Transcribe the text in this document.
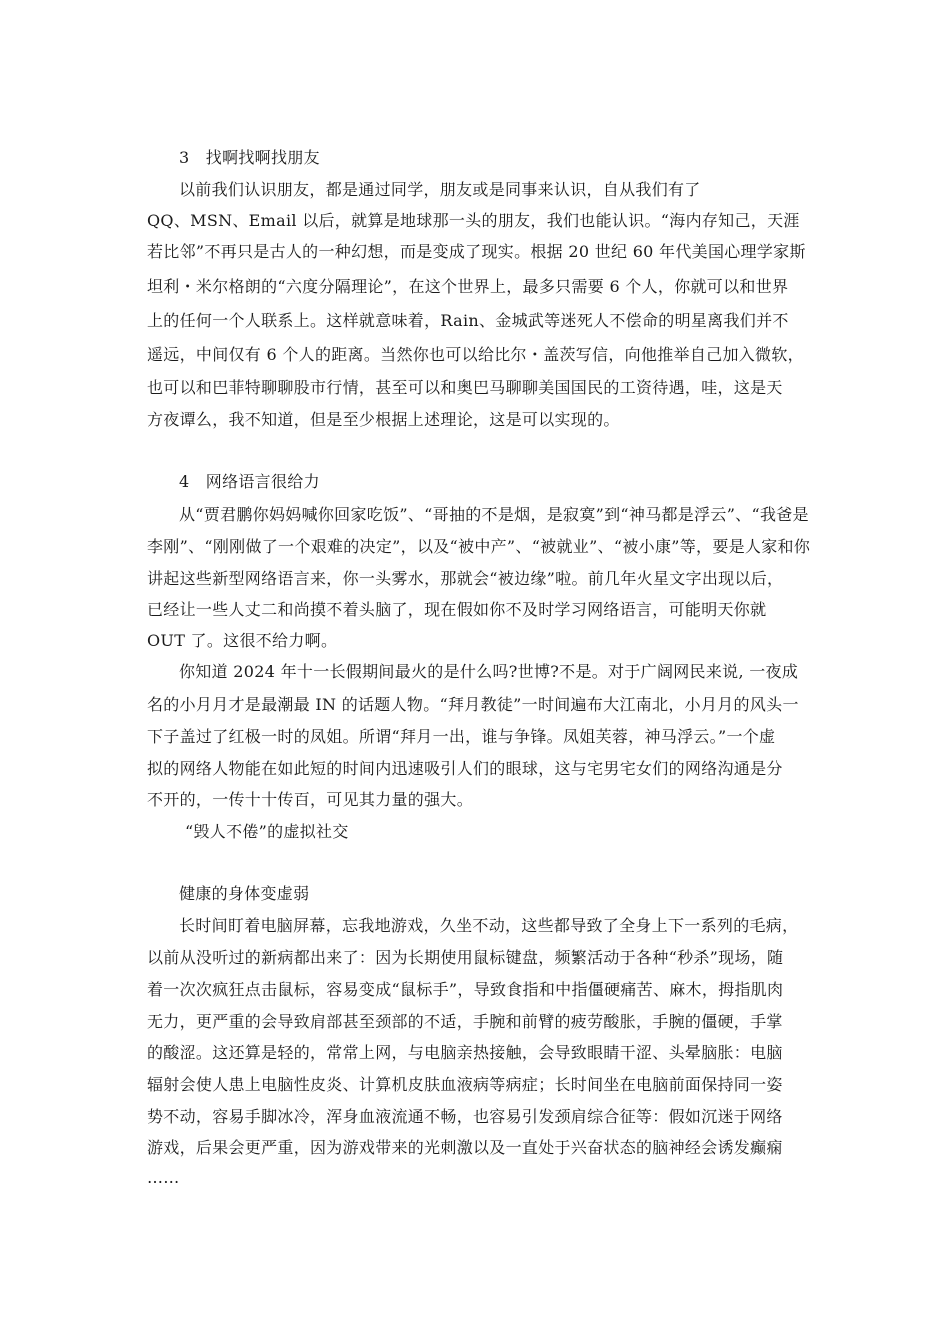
3　找啊找啊找朋友
以前我们认识朋友，都是通过同学，朋友或是同事来认识，自从我们有了
QQ、MSN、Email 以后，就算是地球那一头的朋友，我们也能认识。“海内存知己，天涯
若比邻”不再只是古人的一种幻想，而是变成了现实。根据 20 世纪 60 年代美国心理学家斯
坦利・米尔格朗的“六度分隔理论”，在这个世界上，最多只需要 6 个人，你就可以和世界
上的任何一个人联系上。这样就意味着，Rain、金城武等迷死人不偿命的明星离我们并不
遥远，中间仅有 6 个人的距离。当然你也可以给比尔・盖茨写信，向他推举自己加入微软，
也可以和巴菲特聊聊股市行情，甚至可以和奥巴马聊聊美国国民的工资待遇，哇，这是天
方夜谭么，我不知道，但是至少根据上述理论，这是可以实现的。
4　网络语言很给力
从“贾君鹏你妈妈喊你回家吃饭”、“哥抽的不是烟，是寂寞”到“神马都是浮云”、“我爸是
李刚”、“刚刚做了一个艰难的决定”，以及“被中产”、“被就业”、“被小康”等，要是人家和你
讲起这些新型网络语言来，你一头雾水，那就会“被边缘”啦。前几年火星文字出现以后，
已经让一些人丈二和尚摸不着头脑了，现在假如你不及时学习网络语言，可能明天你就
OUT 了。这很不给力啊。
你知道 2024 年十一长假期间最火的是什么吗?世博?不是。对于广阔网民来说, 一夜成
名的小月月才是最潮最 IN 的话题人物。“拜月教徒”一时间遍布大江南北，小月月的风头一
下子盖过了红极一时的凤姐。所谓“拜月一出，谁与争锋。凤姐芙蓉，神马浮云。”一个虚
拟的网络人物能在如此短的时间内迅速吸引人们的眼球，这与宅男宅女们的网络沟通是分
不开的，一传十十传百，可见其力量的强大。
“毁人不倦”的虚拟社交
健康的身体变虚弱
长时间盯着电脑屏幕，忘我地游戏，久坐不动，这些都导致了全身上下一系列的毛病，
以前从没听过的新病都出来了：因为长期使用鼠标键盘，频繁活动于各种“秒杀”现场，随
着一次次疯狂点击鼠标，容易变成“鼠标手”，导致食指和中指僵硬痛苦、麻木，拇指肌肉
无力，更严重的会导致肩部甚至颈部的不适，手腕和前臂的疲劳酸胀，手腕的僵硬，手掌
的酸涩。这还算是轻的，常常上网，与电脑亲热接触，会导致眼睛干涩、头晕脑胀：电脑
辐射会使人患上电脑性皮炎、计算机皮肤血液病等病症；长时间坐在电脑前面保持同一姿
势不动，容易手脚冰冷，浑身血液流通不畅，也容易引发颈肩综合征等：假如沉迷于网络
游戏，后果会更严重，因为游戏带来的光刺激以及一直处于兴奋状态的脑神经会诱发癫痫
……
